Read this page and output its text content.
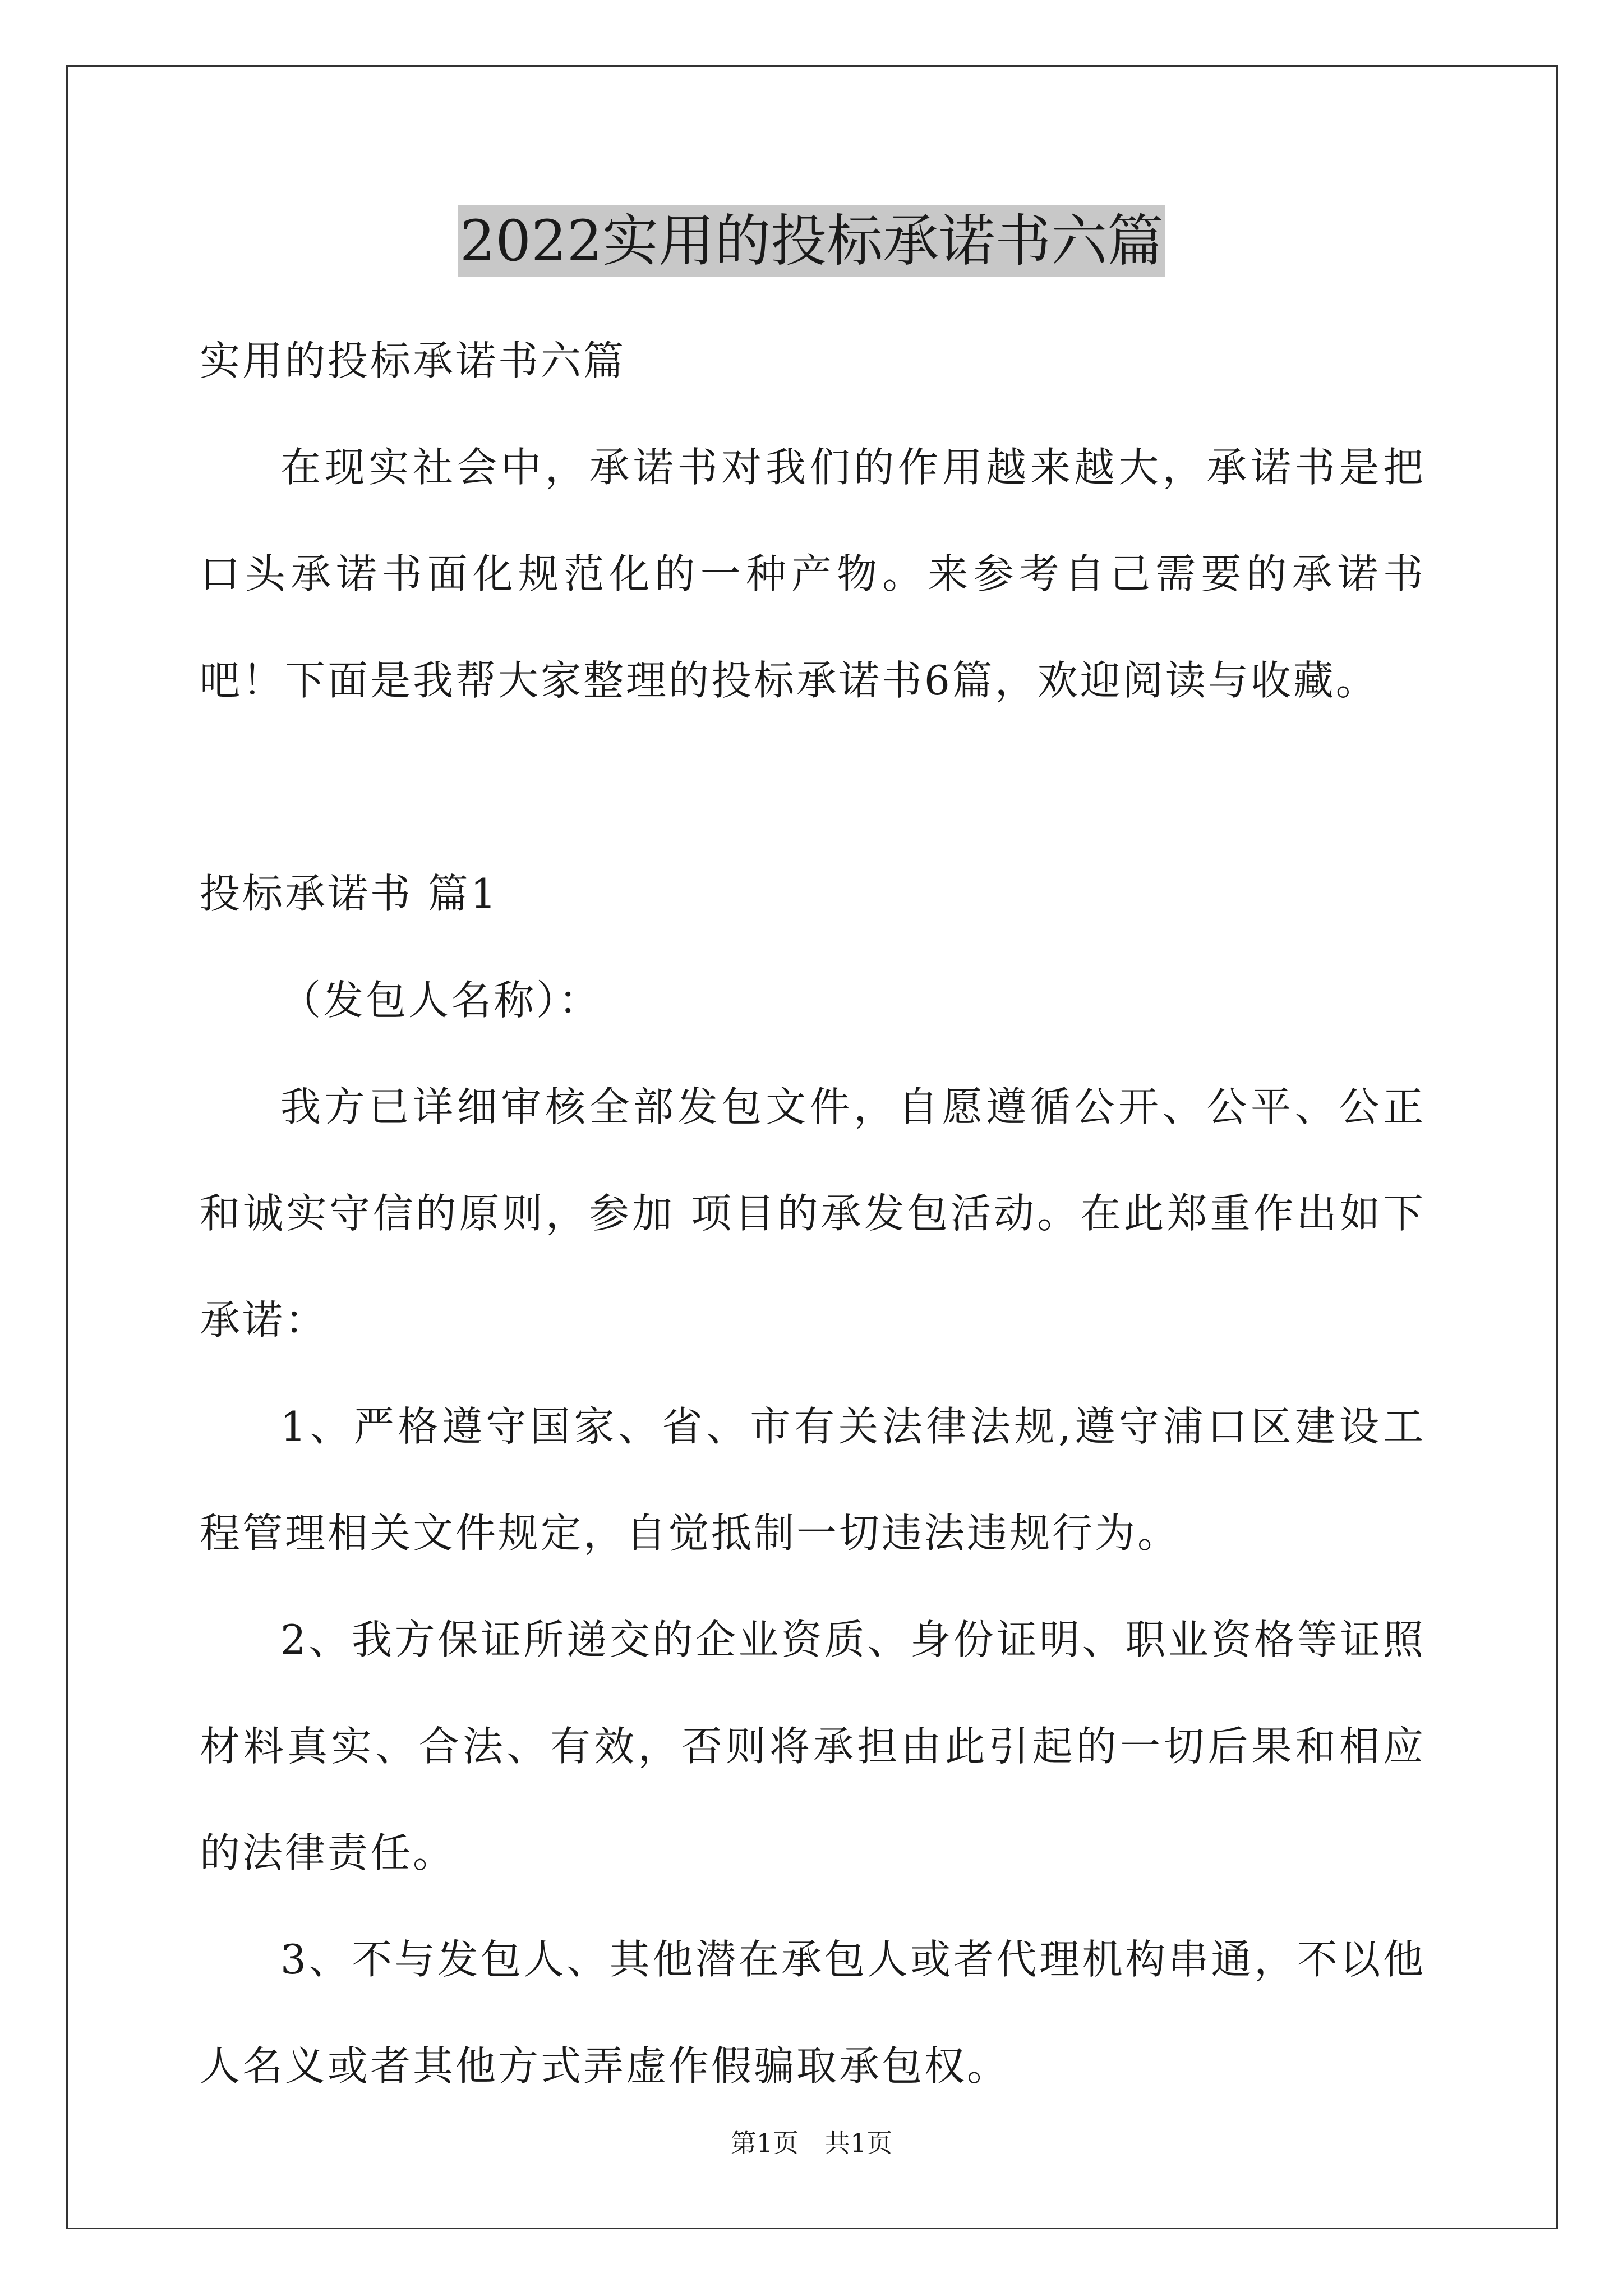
2022实用的投标承诺书六篇

实用的投标承诺书六篇

在现实社会中，承诺书对我们的作用越来越大，承诺书是把口头承诺书面化规范化的一种产物。来参考自己需要的承诺书吧！下面是我帮大家整理的投标承诺书6篇，欢迎阅读与收藏。

投标承诺书 篇1

（发包人名称）：

我方已详细审核全部发包文件，自愿遵循公开、公平、公正和诚实守信的原则，参加 项目的承发包活动。在此郑重作出如下承诺：

1、严格遵守国家、省、市有关法律法规,遵守浦口区建设工程管理相关文件规定，自觉抵制一切违法违规行为。

2、我方保证所递交的企业资质、身份证明、职业资格等证照材料真实、合法、有效，否则将承担由此引起的一切后果和相应的法律责任。

3、不与发包人、其他潜在承包人或者代理机构串通，不以他人名义或者其他方式弄虚作假骗取承包权。

第1页　共1页
